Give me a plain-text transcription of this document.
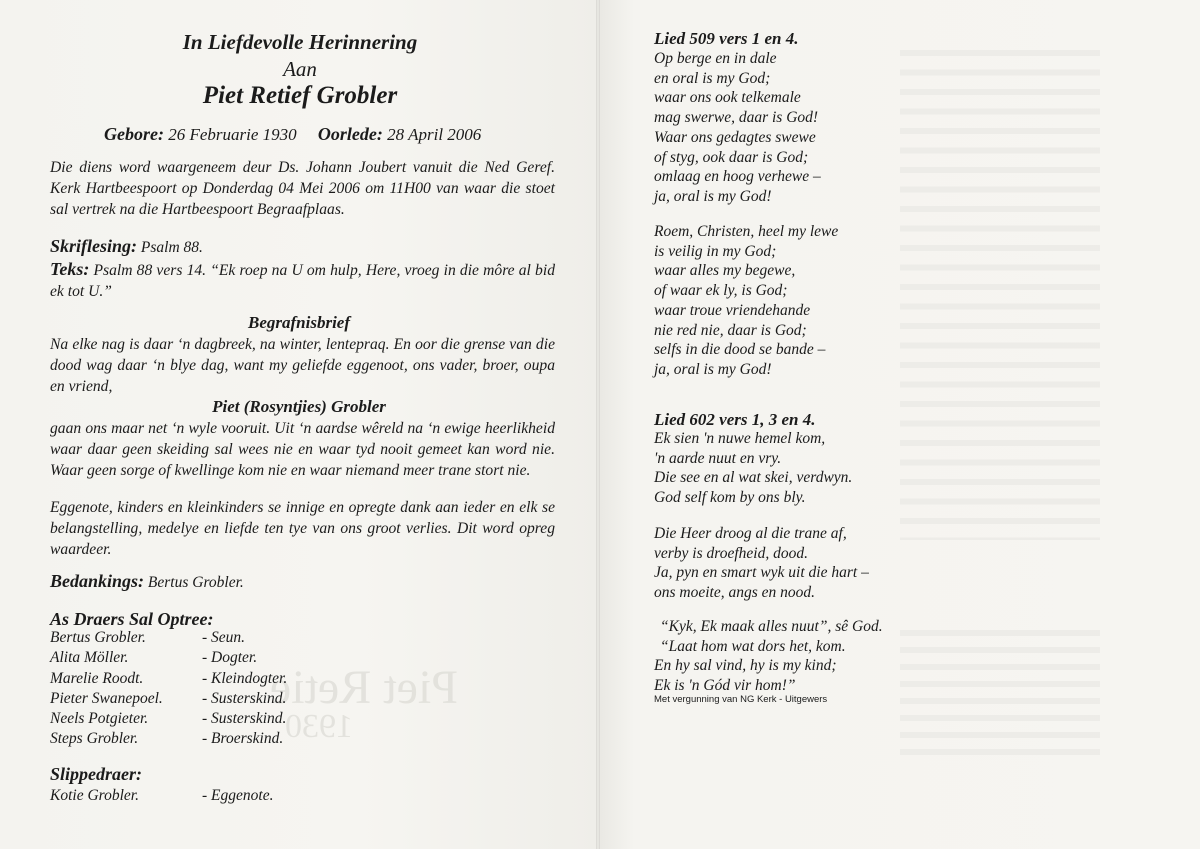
Piet Retie
1930
In Liefdevolle Herinnering
Aan
Piet Retief Grobler
Gebore: 26 Februarie 1930 Oorlede: 28 April 2006
Die diens word waargeneem deur Ds. Johann Joubert vanuit die Ned Geref. Kerk Hartbeespoort op Donderdag 04 Mei 2006 om 11H00 van waar die stoet sal vertrek na die Hartbeespoort Begraafplaas.
Skriflesing: Psalm 88.
Teks: Psalm 88 vers 14. “Ek roep na U om hulp, Here, vroeg in die môre al bid ek tot U.”
Begrafnisbrief
Na elke nag is daar ‘n dagbreek, na winter, lentepraq. En oor die grense van die dood wag daar ‘n blye dag, want my geliefde eggenoot, ons vader, broer, oupa en vriend,
Piet (Rosyntjies) Grobler
gaan ons maar net ‘n wyle vooruit. Uit ‘n aardse wêreld na ‘n ewige heerlikheid waar daar geen skeiding sal wees nie en waar tyd nooit gemeet kan word nie. Waar geen sorge of kwellinge kom nie en waar niemand meer trane stort nie.
Eggenote, kinders en kleinkinders se innige en opregte dank aan ieder en elk se belangstelling, medelye en liefde ten tye van ons groot verlies. Dit word opreg waardeer.
Bedankings: Bertus Grobler.
As Draers Sal Optree:
Bertus Grobler.	- Seun.
Alita Möller.	- Dogter.
Marelie Roodt.	- Kleindogter.
Pieter Swanepoel.	- Susterskind.
Neels Potgieter.	- Susterskind.
Steps Grobler.	- Broerskind.
Slippedraer:
Kotie Grobler.	- Eggenote.
Lied 509 vers 1 en 4.
Op berge en in dale
en oral is my God;
waar ons ook telkemale
mag swerwe, daar is God!
Waar ons gedagtes swewe
of styg, ook daar is God;
omlaag en hoog verhewe –
ja, oral is my God!
Roem, Christen, heel my lewe
is veilig in my God;
waar alles my begewe,
of waar ek ly, is God;
waar troue vriendehande
nie red nie, daar is God;
selfs in die dood se bande –
ja, oral is my God!
Lied 602 vers 1, 3 en 4.
Ek sien 'n nuwe hemel kom,
'n aarde nuut en vry.
Die see en al wat skei, verdwyn.
God self kom by ons bly.
Die Heer droog al die trane af,
verby is droefheid, dood.
Ja, pyn en smart wyk uit die hart –
ons moeite, angs en nood.
“Kyk, Ek maak alles nuut”, sê God.
“Laat hom wat dors het, kom.
En hy sal vind, hy is my kind;
Ek is 'n Gód vir hom!”
Met vergunning van NG Kerk - Uitgewers
